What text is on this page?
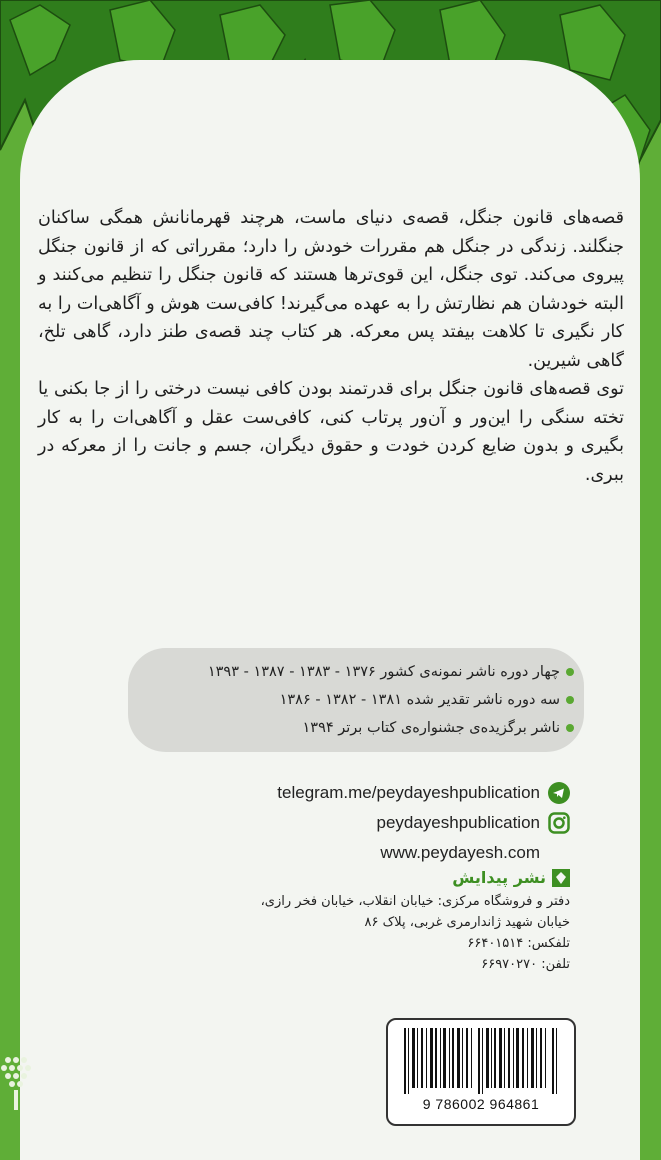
قصه‌های قانون جنگل، قصه‌ی دنیای ماست، هرچند قهرمانانش همگی ساکنان جنگلند. زندگی در جنگل هم مقررات خودش را دارد؛ مقرراتی که از قانون جنگل پیروی می‌کند. توی جنگل، این قوی‌ترها هستند که قانون جنگل را تنظیم می‌کنند و البته خودشان هم نظارتش را به عهده می‌گیرند! کافی‌ست هوش و آگاهی‌ات را به کار نگیری تا کلاهت بیفتد پس معرکه. هر کتاب چند قصه‌ی طنز دارد، گاهی تلخ، گاهی شیرین.

توی قصه‌های قانون جنگل برای قدرتمند بودن کافی نیست درختی را از جا بکنی یا تخته سنگی را این‌ور و آن‌ور پرتاب کنی، کافی‌ست عقل و آگاهی‌ات را به کار بگیری و بدون ضایع کردن خودت و حقوق دیگران، جسم و جانت را از معرکه در ببری.

چهار دوره ناشر نمونه‌ی کشور ۱۳۷۶ - ۱۳۸۳ - ۱۳۸۷ - ۱۳۹۳
سه دوره ناشر تقدیر شده ۱۳۸۱ - ۱۳۸۲ - ۱۳۸۶
ناشر برگزیده‌ی جشنواره‌ی کتاب برتر ۱۳۹۴
telegram.me/peydayeshpublication
peydayeshpublication
www.peydayesh.com
نشر پیدایش
دفتر و فروشگاه مرکزی: خیابان انقلاب، خیابان فخر رازی،
خیابان شهید ژاندارمری غربی، پلاک ۸۶
تلفکس: ۶۶۴۰۱۵۱۴
تلفن: ۶۶۹۷۰۲۷۰
9 786002 964861
